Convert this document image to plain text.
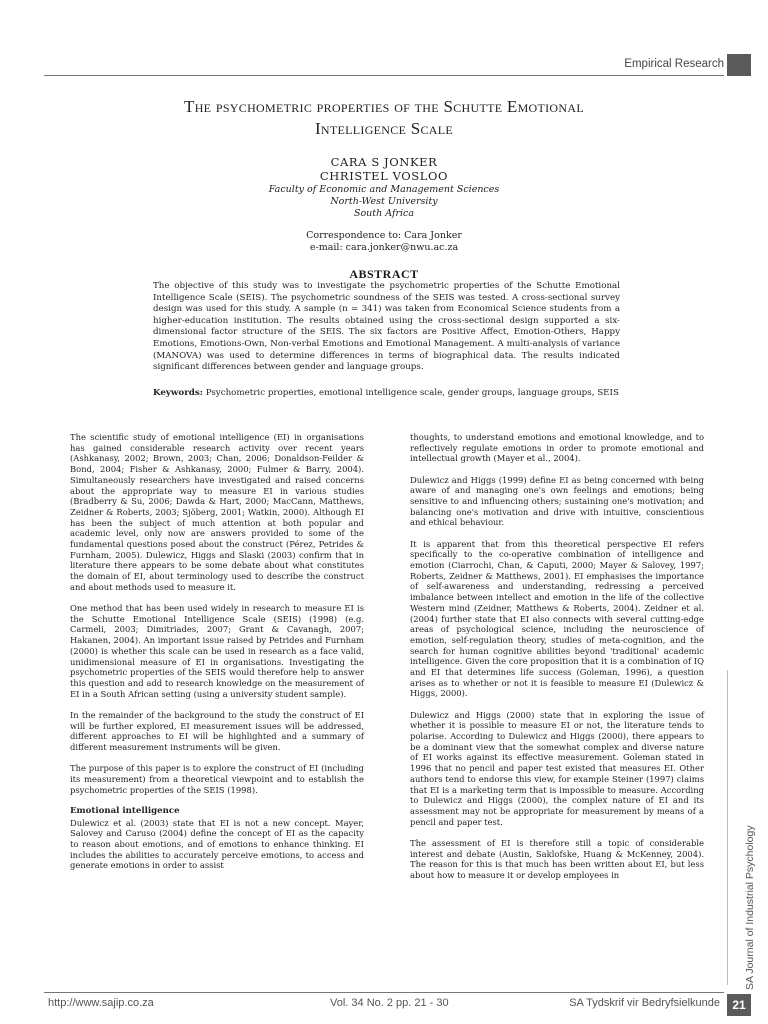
Empirical Research
The psychometric properties of the Schutte Emotional
Intelligence Scale
CARA S JONKER
CHRISTEL VOSLOO
Faculty of Economic and Management Sciences
North-West University
South Africa
Correspondence to: Cara Jonker
e-mail: cara.jonker@nwu.ac.za
ABSTRACT
The objective of this study was to investigate the psychometric properties of the Schutte Emotional Intelligence Scale (SEIS). The psychometric soundness of the SEIS was tested. A cross-sectional survey design was used for this study. A sample (n = 341) was taken from Economical Science students from a higher-education institution. The results obtained using the cross-sectional design supported a six-dimensional factor structure of the SEIS. The six factors are Positive Affect, Emotion-Others, Happy Emotions, Emotions-Own, Non-verbal Emotions and Emotional Management. A multi-analysis of variance (MANOVA) was used to determine differences in terms of biographical data. The results indicated significant differences between gender and language groups.
Keywords: Psychometric properties, emotional intelligence scale, gender groups, language groups, SEIS

The scientific study of emotional intelligence (EI) in organisations has gained considerable research activity over recent years (Ashkanasy, 2002; Brown, 2003; Chan, 2006; Donaldson-Feilder & Bond, 2004; Fisher & Ashkanasy, 2000; Fulmer & Barry, 2004). Simultaneously researchers have investigated and raised concerns about the appropriate way to measure EI in various studies (Bradberry & Su, 2006; Dawda & Hart, 2000; MacCann, Matthews, Zeidner & Roberts, 2003; Sjöberg, 2001; Watkin, 2000). Although EI has been the subject of much attention at both popular and academic level, only now are answers provided to some of the fundamental questions posed about the construct (Pérez, Petrides & Furnham, 2005). Dulewicz, Higgs and Slaski (2003) confirm that in literature there appears to be some debate about what constitutes the domain of EI, about terminology used to describe the construct and about methods used to measure it.

One method that has been used widely in research to measure EI is the Schutte Emotional Intelligence Scale (SEIS) (1998) (e.g. Carmeli, 2003; Dimitriades, 2007; Grant & Cavanagh, 2007; Hakanen, 2004). An important issue raised by Petrides and Furnham (2000) is whether this scale can be used in research as a face valid, unidimensional measure of EI in organisations. Investigating the psychometric properties of the SEIS would therefore help to answer this question and add to research knowledge on the measurement of EI in a South African setting (using a university student sample).

In the remainder of the background to the study the construct of EI will be further explored, EI measurement issues will be addressed, different approaches to EI will be highlighted and a summary of different measurement instruments will be given.

The purpose of this paper is to explore the construct of EI (including its measurement) from a theoretical viewpoint and to establish the psychometric properties of the SEIS (1998).

Emotional intelligence

Dulewicz et al. (2003) state that EI is not a new concept. Mayer, Salovey and Caruso (2004) define the concept of EI as the capacity to reason about emotions, and of emotions to enhance thinking. EI includes the abilities to accurately perceive emotions, to access and generate emotions in order to assist

thoughts, to understand emotions and emotional knowledge, and to reflectively regulate emotions in order to promote emotional and intellectual growth (Mayer et al., 2004).

Dulewicz and Higgs (1999) define EI as being concerned with being aware of and managing one's own feelings and emotions; being sensitive to and influencing others; sustaining one's motivation; and balancing one's motivation and drive with intuitive, conscientious and ethical behaviour.

It is apparent that from this theoretical perspective EI refers specifically to the co-operative combination of intelligence and emotion (Ciarrochi, Chan, & Caputi, 2000; Mayer & Salovey, 1997; Roberts, Zeidner & Matthews, 2001). EI emphasises the importance of self-awareness and understanding, redressing a perceived imbalance between intellect and emotion in the life of the collective Western mind (Zeidner, Matthews & Roberts, 2004). Zeidner et al. (2004) further state that EI also connects with several cutting-edge areas of psychological science, including the neuroscience of emotion, self-regulation theory, studies of meta-cognition, and the search for human cognitive abilities beyond 'traditional' academic intelligence. Given the core proposition that it is a combination of IQ and EI that determines life success (Goleman, 1996), a question arises as to whether or not it is feasible to measure EI (Dulewicz & Higgs, 2000).

Dulewicz and Higgs (2000) state that in exploring the issue of whether it is possible to measure EI or not, the literature tends to polarise. According to Dulewicz and Higgs (2000), there appears to be a dominant view that the somewhat complex and diverse nature of EI works against its effective measurement. Goleman stated in 1996 that no pencil and paper test existed that measures EI. Other authors tend to endorse this view, for example Steiner (1997) claims that EI is a marketing term that is impossible to measure. According to Dulewicz and Higgs (2000), the complex nature of EI and its assessment may not be appropriate for measurement by means of a pencil and paper test.

The assessment of EI is therefore still a topic of considerable interest and debate (Austin, Saklofske, Huang & McKenney, 2004). The reason for this is that much has been written about EI, but less about how to measure it or develop employees in	SA Journal of Industrial Psychology
http://www.sajip.co.za	Vol. 34 No. 2 pp. 21 - 30	SA Tydskrif vir Bedryfsielkunde	21
